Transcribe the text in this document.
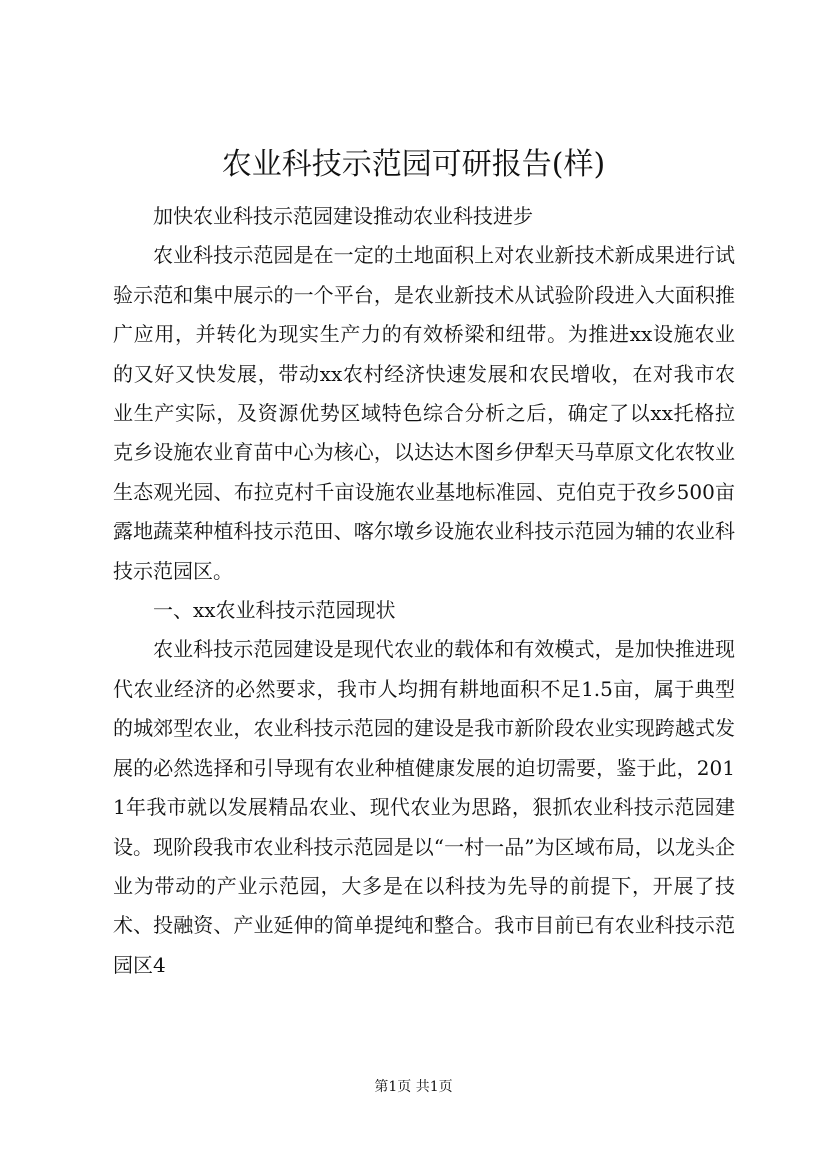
农业科技示范园可研报告(样)

加快农业科技示范园建设推动农业科技进步

农业科技示范园是在一定的土地面积上对农业新技术新成果进行试验示范和集中展示的一个平台，是农业新技术从试验阶段进入大面积推广应用，并转化为现实生产力的有效桥梁和纽带。为推进xx设施农业的又好又快发展，带动xx农村经济快速发展和农民增收，在对我市农业生产实际，及资源优势区域特色综合分析之后，确定了以xx托格拉克乡设施农业育苗中心为核心，以达达木图乡伊犁天马草原文化农牧业生态观光园、布拉克村千亩设施农业基地标准园、克伯克于孜乡500亩露地蔬菜种植科技示范田、喀尔墩乡设施农业科技示范园为辅的农业科技示范园区。

一、xx农业科技示范园现状

农业科技示范园建设是现代农业的载体和有效模式，是加快推进现代农业经济的必然要求，我市人均拥有耕地面积不足1.5亩，属于典型的城郊型农业，农业科技示范园的建设是我市新阶段农业实现跨越式发展的必然选择和引导现有农业种植健康发展的迫切需要，鉴于此，2011年我市就以发展精品农业、现代农业为思路，狠抓农业科技示范园建设。现阶段我市农业科技示范园是以“一村一品”为区域布局，以龙头企业为带动的产业示范园，大多是在以科技为先导的前提下，开展了技术、投融资、产业延伸的简单提纯和整合。我市目前已有农业科技示范园区4

第1页 共1页
